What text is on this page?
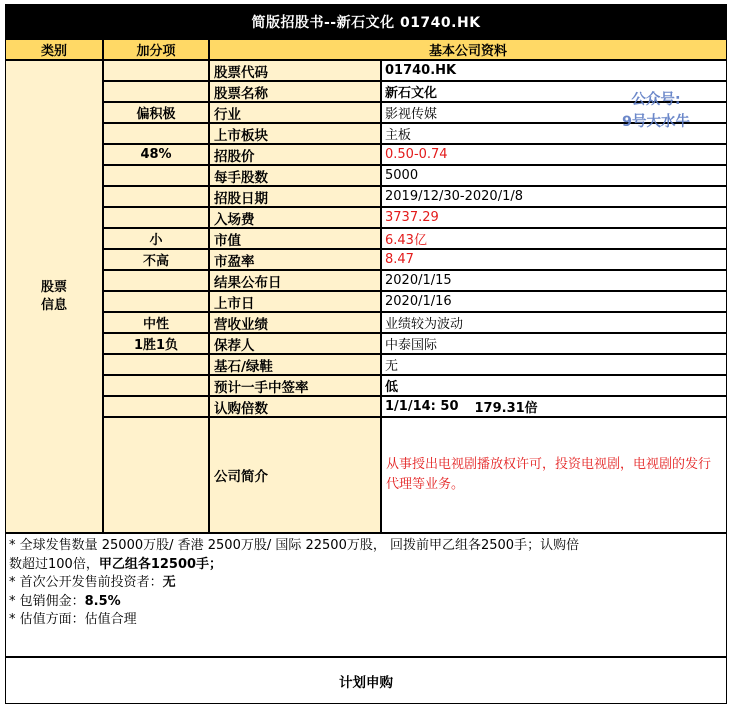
简版招股书--新石文化 01740.HK
类别	加分项	基本公司资料
股票
信息
股票代码	01740.HK
股票名称	新石文化
偏积极	行业	影视传媒
上市板块	主板
48%	招股价	0.50-0.74
每手股数	5000
招股日期	2019/12/30-2020/1/8
入场费	3737.29
小	市值	6.43亿
不高	市盈率	8.47
结果公布日	2020/1/15
上市日	2020/1/16
中性	营收业绩	业绩较为波动
1胜1负	保荐人	中泰国际
基石/绿鞋	无
预计一手中签率	低
认购倍数	1/1/14: 50 179.31倍
公司简介
从事授出电视剧播放权许可，投资电视剧，电视剧的发行代理等业务。
* 全球发售数量 25000万股/ 香港 2500万股/ 国际 22500万股， 回拨前甲乙组各2500手；认购倍
数超过100倍，甲乙组各12500手；
* 首次公开发售前投资者：无
* 包销佣金：8.5%
* 估值方面：估值合理
计划申购
公众号:
9号大水牛
